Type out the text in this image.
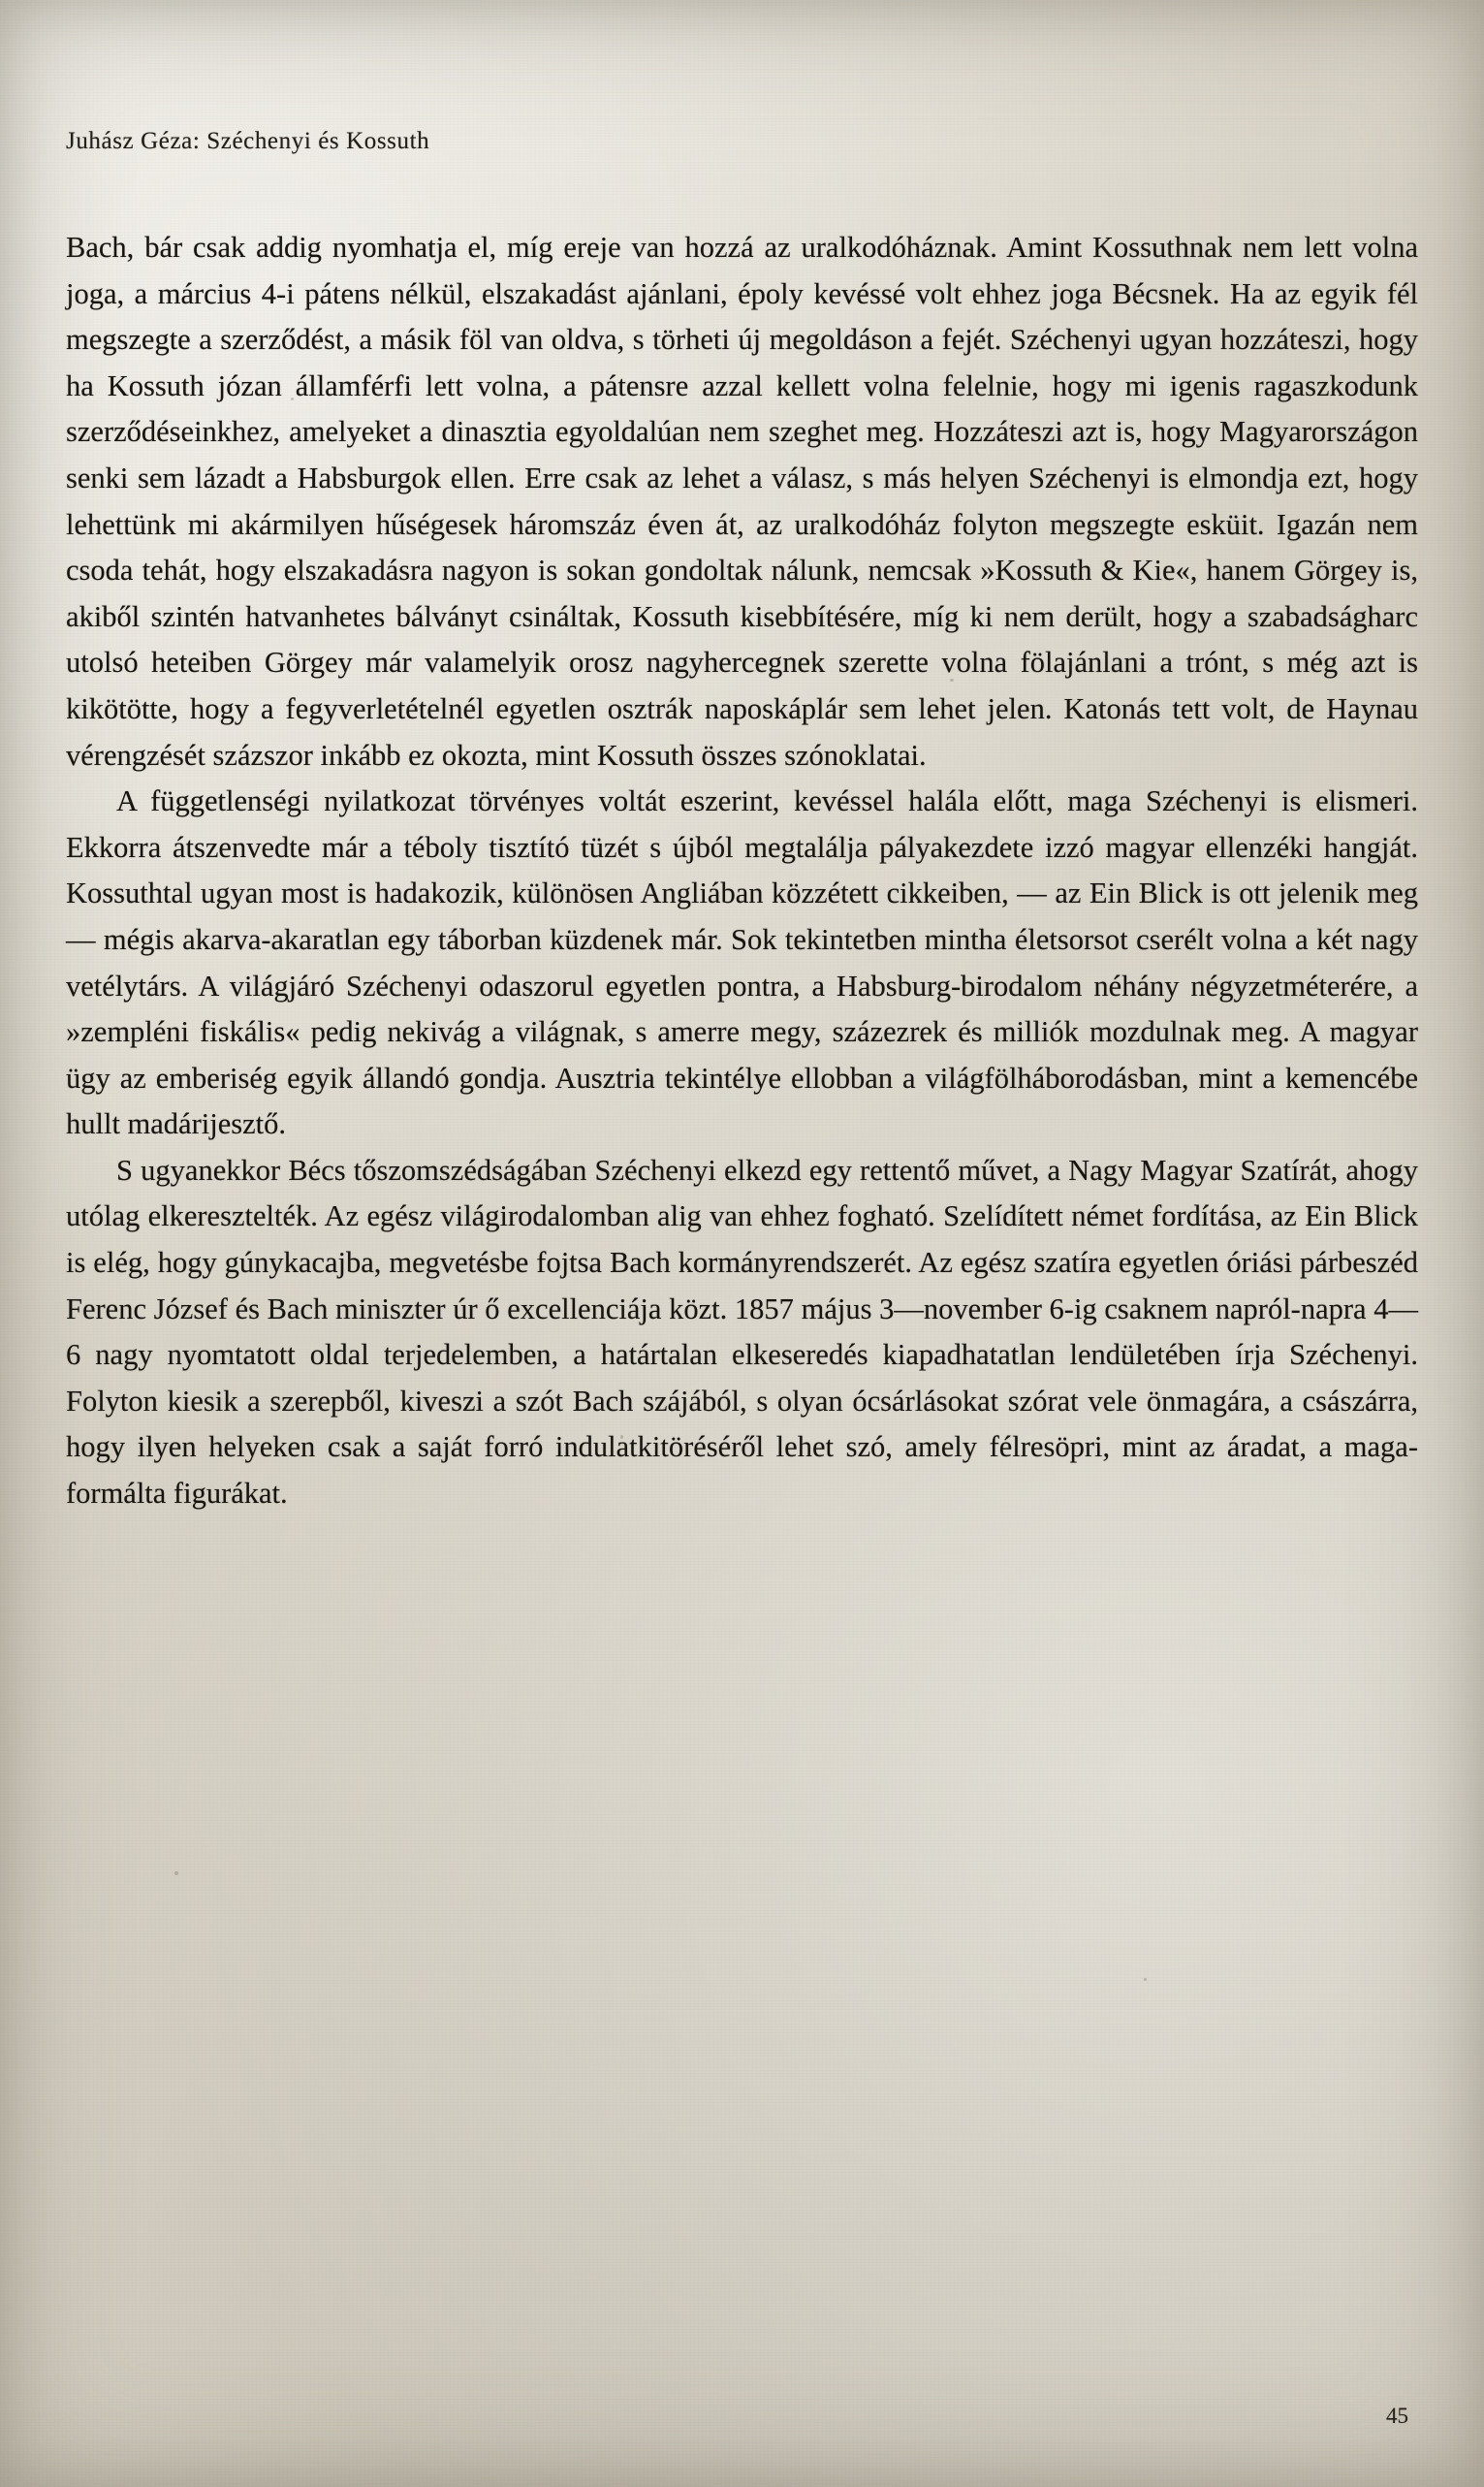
Juhász Géza: Széchenyi és Kossuth

Bach, bár csak addig nyomhatja el, míg ereje van hozzá az uralkodóháznak. Amint Kossuthnak nem lett volna joga, a március 4-i pátens nélkül, elszakadást ajánlani, époly kevéssé volt ehhez joga Bécsnek. Ha az egyik fél megszegte a szerződést, a másik föl van oldva, s törheti új megoldáson a fejét. Széchenyi ugyan hozzáteszi, hogy ha Kossuth józan államférfi lett volna, a pátensre azzal kellett volna felelnie, hogy mi igenis ragaszkodunk szerződéseinkhez, amelyeket a dinasztia egyoldalúan nem szeghet meg. Hozzáteszi azt is, hogy Magyarországon senki sem lázadt a Habsburgok ellen. Erre csak az lehet a válasz, s más helyen Széchenyi is elmondja ezt, hogy lehettünk mi akármilyen hűségesek háromszáz éven át, az uralkodóház folyton megszegte esküit. Igazán nem csoda tehát, hogy elszakadásra nagyon is sokan gondoltak nálunk, nemcsak »Kossuth & Kie«, hanem Görgey is, akiből szintén hatvanhetes bálványt csináltak, Kossuth kisebbítésére, míg ki nem derült, hogy a szabadságharc utolsó heteiben Görgey már valamelyik orosz nagyhercegnek szerette volna fölajánlani a trónt, s még azt is kikötötte, hogy a fegyverletételnél egyetlen osztrák naposkáplár sem lehet jelen. Katonás tett volt, de Haynau vérengzését százszor inkább ez okozta, mint Kossuth összes szónoklatai.

A függetlenségi nyilatkozat törvényes voltát eszerint, kevéssel halála előtt, maga Széchenyi is elismeri. Ekkorra átszenvedte már a téboly tisztító tüzét s újból megtalálja pályakezdete izzó magyar ellenzéki hangját. Kossuthtal ugyan most is hadakozik, különösen Angliában közzétett cikkeiben, — az Ein Blick is ott jelenik meg — mégis akarva-akaratlan egy táborban küzdenek már. Sok tekintetben mintha életsorsot cserélt volna a két nagy vetélytárs. A világjáró Széchenyi odaszorul egyetlen pontra, a Habsburg-birodalom néhány négyzetméterére, a »zempléni fiskális« pedig nekivág a világnak, s amerre megy, százezrek és milliók mozdulnak meg. A magyar ügy az emberiség egyik állandó gondja. Ausztria tekintélye ellobban a világfölháborodásban, mint a kemencébe hullt madárijesztő.

S ugyanekkor Bécs tőszomszédságában Széchenyi elkezd egy rettentő művet, a Nagy Magyar Szatírát, ahogy utólag elkeresztelték. Az egész világirodalomban alig van ehhez fogható. Szelídített német fordítása, az Ein Blick is elég, hogy gúnykacajba, megvetésbe fojtsa Bach kormányrendszerét. Az egész szatíra egyetlen óriási párbeszéd Ferenc József és Bach miniszter úr ő excellenciája közt. 1857 május 3—november 6-ig csaknem napról-napra 4—6 nagy nyomtatott oldal terjedelemben, a határtalan elkeseredés kiapadhatatlan lendületében írja Széchenyi. Folyton kiesik a szerepből, kiveszi a szót Bach szájából, s olyan ócsárlásokat szórat vele önmagára, a császárra, hogy ilyen helyeken csak a saját forró indulatkitöréséről lehet szó, amely félresöpri, mint az áradat, a maga-formálta figurákat.

45
